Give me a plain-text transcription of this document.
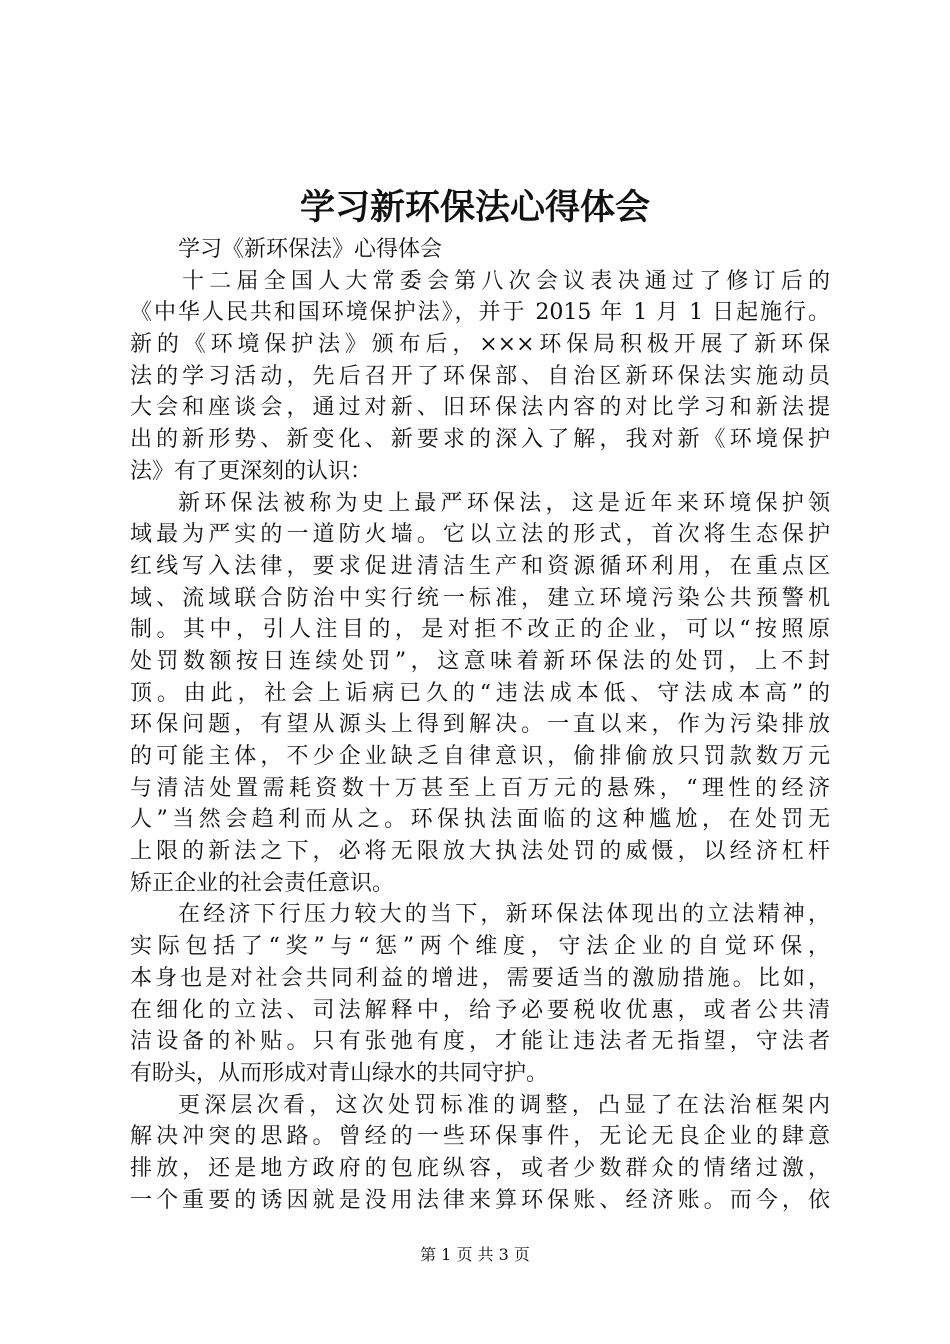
学习新环保法心得体会
学习《新环保法》心得体会
十二届全国人大常委会第八次会议表决通过了修订后的
《中华人民共和国环境保护法》，并于 2015 年 1 月 1 日起施行。
新的《环境保护法》颁布后，×××环保局积极开展了新环保
法的学习活动，先后召开了环保部、自治区新环保法实施动员
大会和座谈会，通过对新、旧环保法内容的对比学习和新法提
出的新形势、新变化、新要求的深入了解，我对新《环境保护
法》有了更深刻的认识：
新环保法被称为史上最严环保法，这是近年来环境保护领
域最为严实的一道防火墙。它以立法的形式，首次将生态保护
红线写入法律，要求促进清洁生产和资源循环利用，在重点区
域、流域联合防治中实行统一标准，建立环境污染公共预警机
制。其中，引人注目的，是对拒不改正的企业，可以“按照原
处罚数额按日连续处罚”，这意味着新环保法的处罚，上不封
顶。由此，社会上诟病已久的“违法成本低、守法成本高”的
环保问题，有望从源头上得到解决。一直以来，作为污染排放
的可能主体，不少企业缺乏自律意识，偷排偷放只罚款数万元
与清洁处置需耗资数十万甚至上百万元的悬殊，“理性的经济
人”当然会趋利而从之。环保执法面临的这种尴尬，在处罚无
上限的新法之下，必将无限放大执法处罚的威慑，以经济杠杆
矫正企业的社会责任意识。
在经济下行压力较大的当下，新环保法体现出的立法精神，
实际包括了“奖”与“惩”两个维度，守法企业的自觉环保，
本身也是对社会共同利益的增进，需要适当的激励措施。比如，
在细化的立法、司法解释中，给予必要税收优惠，或者公共清
洁设备的补贴。只有张弛有度，才能让违法者无指望，守法者
有盼头，从而形成对青山绿水的共同守护。
更深层次看，这次处罚标准的调整，凸显了在法治框架内
解决冲突的思路。曾经的一些环保事件，无论无良企业的肆意
排放，还是地方政府的包庇纵容，或者少数群众的情绪过激，
一个重要的诱因就是没用法律来算环保账、经济账。而今，依
第 1 页 共 3 页
